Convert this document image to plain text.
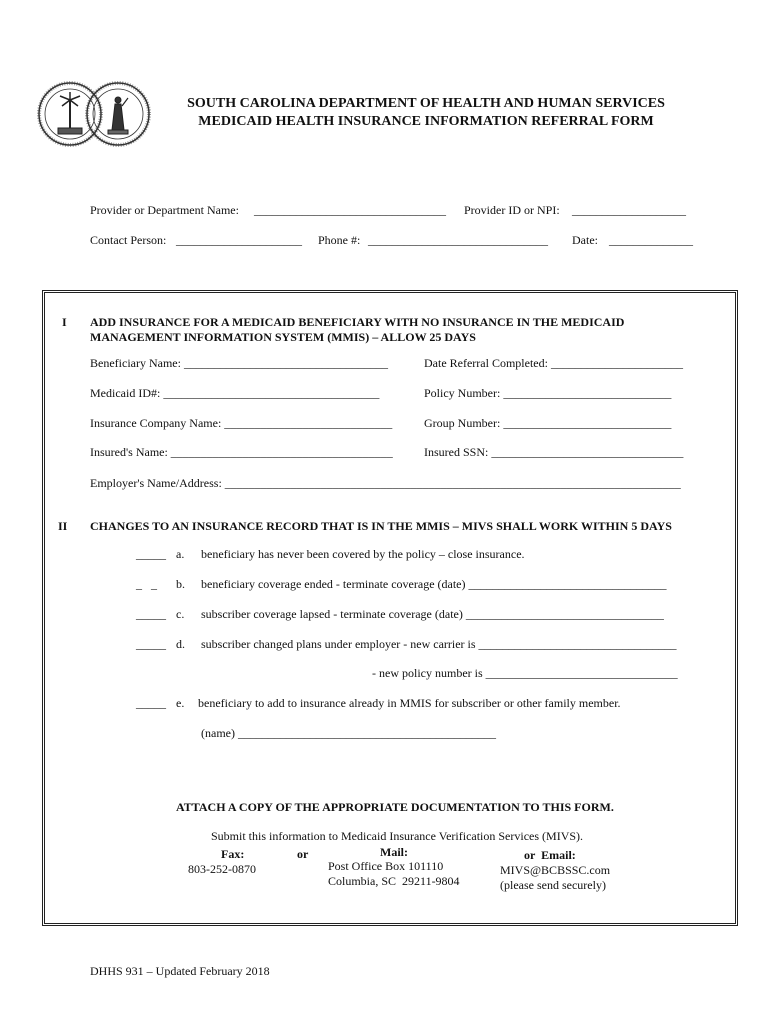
SOUTH CAROLINA DEPARTMENT OF HEALTH AND HUMAN SERVICES
MEDICAID HEALTH INSURANCE INFORMATION REFERRAL FORM
Provider or Department Name: ________________________________ Provider ID or NPI: ___________________
Contact Person: _____________________ Phone #: ______________________________ Date: ______________
I ADD INSURANCE FOR A MEDICAID BENEFICIARY WITH NO INSURANCE IN THE MEDICAID
MANAGEMENT INFORMATION SYSTEM (MMIS) – ALLOW 25 DAYS
Beneficiary Name: __________________________________	Date Referral Completed: ______________________
Medicaid ID#: ____________________________________	Policy Number: ____________________________
Insurance Company Name: ____________________________	Group Number: ____________________________
Insured's Name: _____________________________________	Insured SSN: ________________________________
Employer's Name/Address: ____________________________________________________________________________
II CHANGES TO AN INSURANCE RECORD THAT IS IN THE MMIS – MIVS SHALL WORK WITHIN 5 DAYS
_____ a. beneficiary has never been covered by the policy – close insurance.
_   _ b. beneficiary coverage ended - terminate coverage (date) _________________________________
_____ c. subscriber coverage lapsed - terminate coverage (date) _________________________________
_____ d. subscriber changed plans under employer - new carrier is _________________________________
- new policy number is ________________________________
_____ e. beneficiary to add to insurance already in MMIS for subscriber or other family member.
(name) ___________________________________________
ATTACH A COPY OF THE APPROPRIATE DOCUMENTATION TO THIS FORM.
Submit this information to Medicaid Insurance Verification Services (MIVS).
Fax:
803-252-0870
or	Mail:
Post Office Box 101110
Columbia, SC  29211-9804
or  Email:
MIVS@BCBSSC.com
(please send securely)
DHHS 931 – Updated February 2018
